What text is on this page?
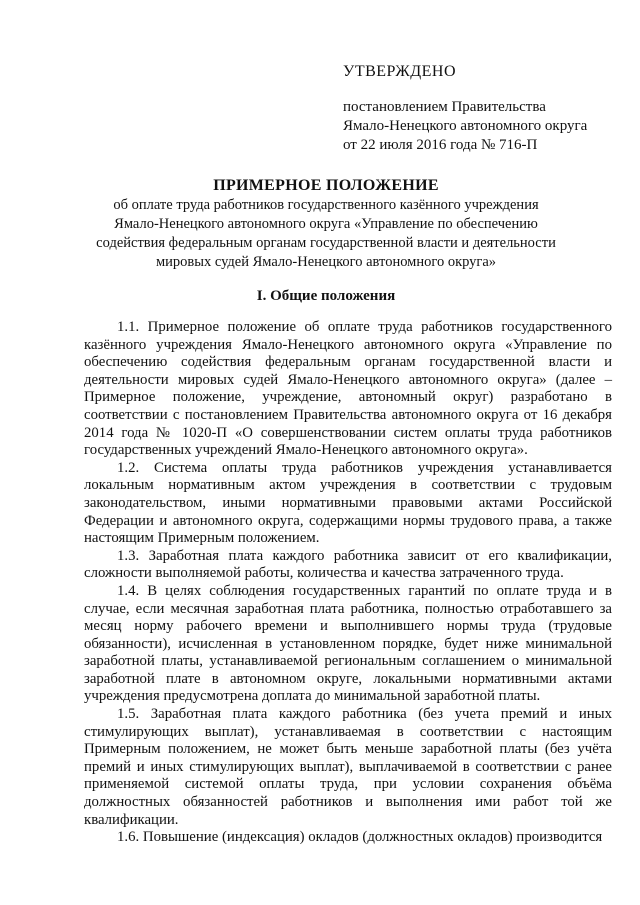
УТВЕРЖДЕНО
постановлением Правительства
Ямало-Ненецкого автономного округа
от 22 июля 2016 года № 716-П
ПРИМЕРНОЕ ПОЛОЖЕНИЕ
об оплате труда работников государственного казённого учреждения Ямало-Ненецкого автономного округа «Управление по обеспечению содействия федеральным органам государственной власти и деятельности мировых судей Ямало-Ненецкого автономного округа»
I. Общие положения

1.1. Примерное положение об оплате труда работников государственного казённого учреждения Ямало-Ненецкого автономного округа «Управление по обеспечению содействия федеральным органам государственной власти и деятельности мировых судей Ямало-Ненецкого автономного округа» (далее – Примерное положение, учреждение, автономный округ) разработано в соответствии с постановлением Правительства автономного округа от 16 декабря 2014 года № 1020-П «О совершенствовании систем оплаты труда работников государственных учреждений Ямало-Ненецкого автономного округа».

1.2. Система оплаты труда работников учреждения устанавливается локальным нормативным актом учреждения в соответствии с трудовым законодательством, иными нормативными правовыми актами Российской Федерации и автономного округа, содержащими нормы трудового права, а также настоящим Примерным положением.

1.3. Заработная плата каждого работника зависит от его квалификации, сложности выполняемой работы, количества и качества затраченного труда.

1.4. В целях соблюдения государственных гарантий по оплате труда и в случае, если месячная заработная плата работника, полностью отработавшего за месяц норму рабочего времени и выполнившего нормы труда (трудовые обязанности), исчисленная в установленном порядке, будет ниже минимальной заработной платы, устанавливаемой региональным соглашением о минимальной заработной плате в автономном округе, локальными нормативными актами учреждения предусмотрена доплата до минимальной заработной платы.

1.5. Заработная плата каждого работника (без учета премий и иных стимулирующих выплат), устанавливаемая в соответствии с настоящим Примерным положением, не может быть меньше заработной платы (без учёта премий и иных стимулирующих выплат), выплачиваемой в соответствии с ранее применяемой системой оплаты труда, при условии сохранения объёма должностных обязанностей работников и выполнения ими работ той же квалификации.

1.6. Повышение (индексация) окладов (должностных окладов) производится
